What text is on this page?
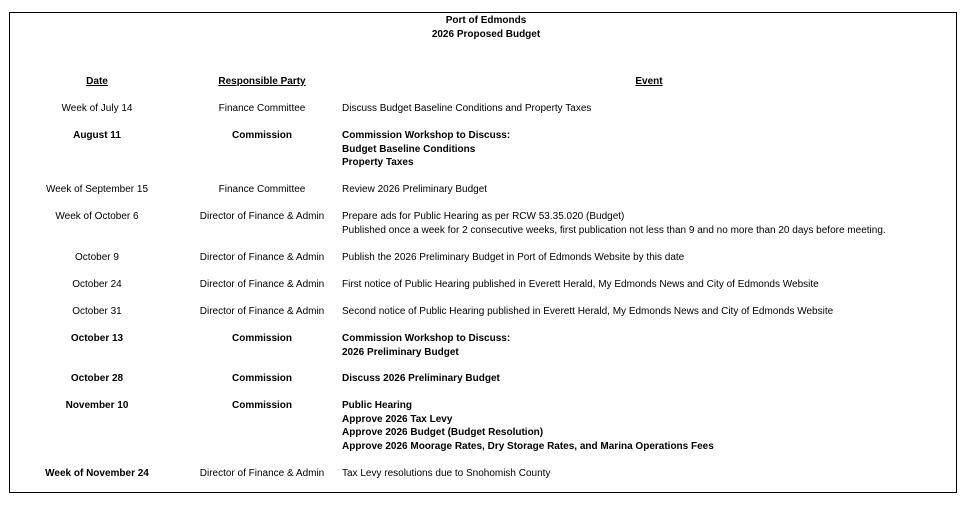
Port of Edmonds
2026 Proposed Budget
Date	Responsible Party	Event
Week of July 14	Finance Committee	Discuss Budget Baseline Conditions and Property Taxes
August 11	Commission	Commission Workshop to Discuss:
Budget Baseline Conditions
Property Taxes
Week of September 15	Finance Committee	Review 2026 Preliminary Budget
Week of October 6	Director of Finance & Admin	Prepare ads for Public Hearing as per RCW 53.35.020 (Budget)
Published once a week for 2 consecutive weeks, first publication not less than 9 and no more than 20 days before meeting.
October 9	Director of Finance & Admin	Publish the 2026 Preliminary Budget in Port of Edmonds Website by this date
October 24	Director of Finance & Admin	First notice of Public Hearing published in Everett Herald, My Edmonds News and City of Edmonds Website
October 31	Director of Finance & Admin	Second notice of Public Hearing published in Everett Herald, My Edmonds News and City of Edmonds Website
October 13	Commission	Commission Workshop to Discuss:
2026 Preliminary Budget
October 28	Commission	Discuss 2026 Preliminary Budget
November 10	Commission	Public Hearing
Approve 2026 Tax Levy
Approve 2026 Budget (Budget Resolution)
Approve 2026 Moorage Rates, Dry Storage Rates, and Marina Operations Fees
Week of November 24	Director of Finance & Admin	Tax Levy resolutions due to Snohomish County
